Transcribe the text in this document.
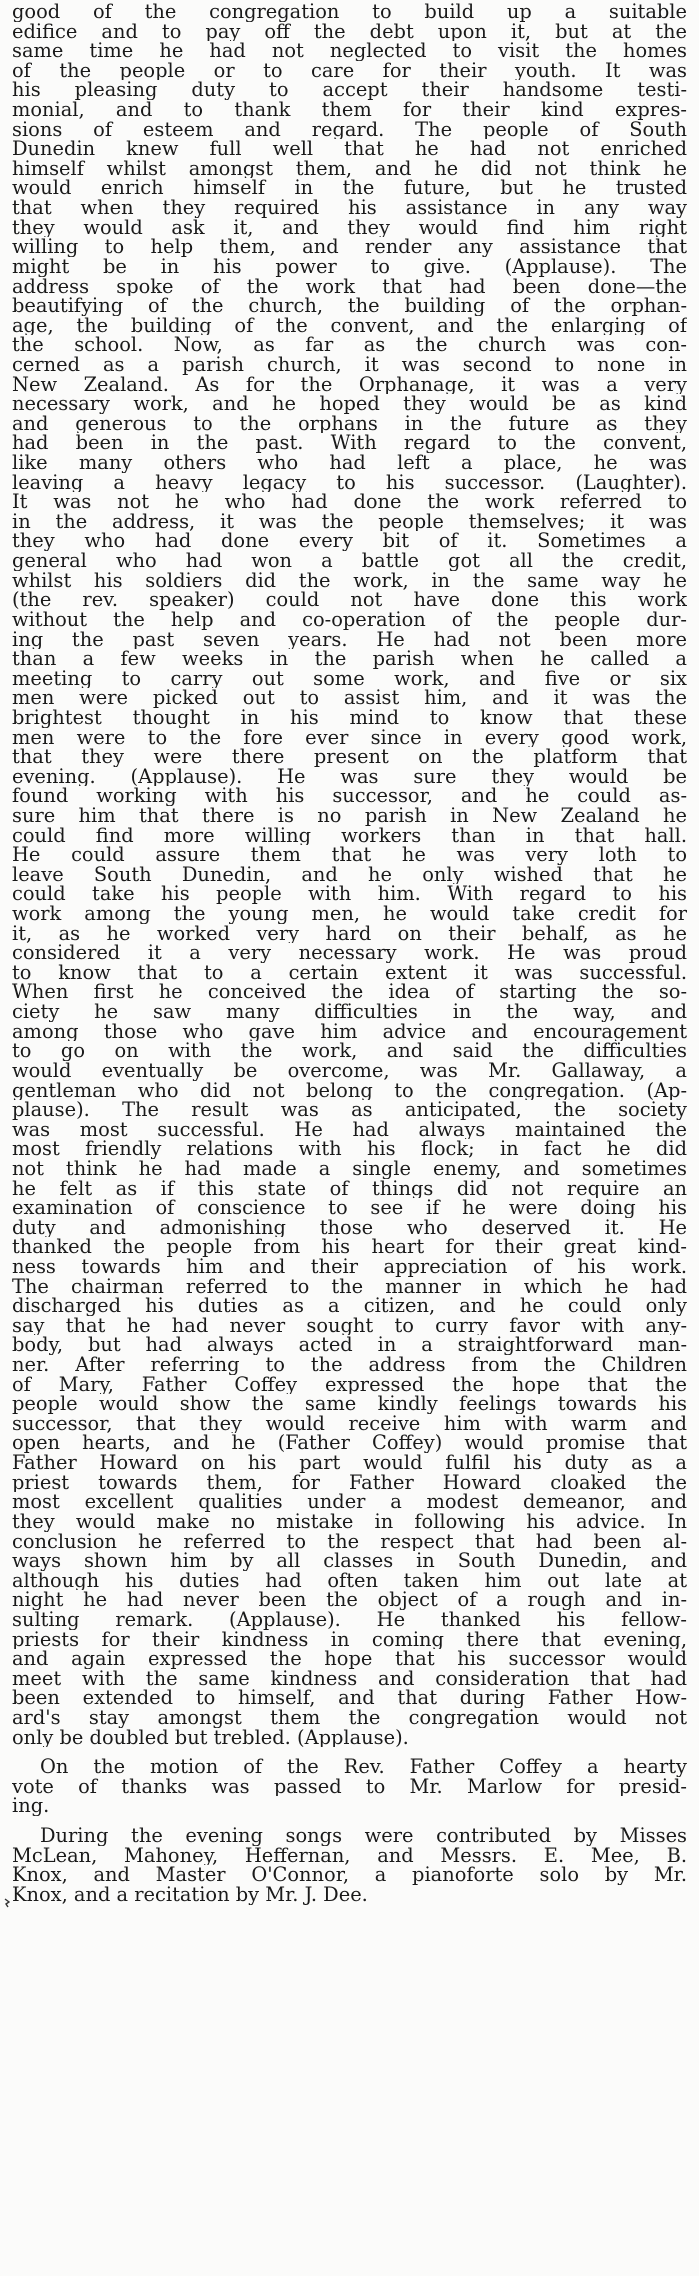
good of the congregation to build up a suitable
edifice and to pay off the debt upon it, but at the
same time he had not neglected to visit the homes
of the people or to care for their youth. It was
his pleasing duty to accept their handsome testi-
monial, and to thank them for their kind expres-
sions of esteem and regard. The people of South
Dunedin knew full well that he had not enriched
himself whilst amongst them, and he did not think he
would enrich himself in the future, but he trusted
that when they required his assistance in any way
they would ask it, and they would find him right
willing to help them, and render any assistance that
might be in his power to give. (Applause). The
address spoke of the work that had been done—the
beautifying of the church, the building of the orphan-
age, the building of the convent, and the enlarging of
the school. Now, as far as the church was con-
cerned as a parish church, it was second to none in
New Zealand. As for the Orphanage, it was a very
necessary work, and he hoped they would be as kind
and generous to the orphans in the future as they
had been in the past. With regard to the convent,
like many others who had left a place, he was
leaving a heavy legacy to his successor. (Laughter).
It was not he who had done the work referred to
in the address, it was the people themselves; it was
they who had done every bit of it. Sometimes a
general who had won a battle got all the credit,
whilst his soldiers did the work, in the same way he
(the rev. speaker) could not have done this work
without the help and co-operation of the people dur-
ing the past seven years. He had not been more
than a few weeks in the parish when he called a
meeting to carry out some work, and five or six
men were picked out to assist him, and it was the
brightest thought in his mind to know that these
men were to the fore ever since in every good work,
that they were there present on the platform that
evening. (Applause). He was sure they would be
found working with his successor, and he could as-
sure him that there is no parish in New Zealand he
could find more willing workers than in that hall.
He could assure them that he was very loth to
leave South Dunedin, and he only wished that he
could take his people with him. With regard to his
work among the young men, he would take credit for
it, as he worked very hard on their behalf, as he
considered it a very necessary work. He was proud
to know that to a certain extent it was successful.
When first he conceived the idea of starting the so-
ciety he saw many difficulties in the way, and
among those who gave him advice and encouragement
to go on with the work, and said the difficulties
would eventually be overcome, was Mr. Gallaway, a
gentleman who did not belong to the congregation. (Ap-
plause). The result was as anticipated, the society
was most successful. He had always maintained the
most friendly relations with his flock; in fact he did
not think he had made a single enemy, and sometimes
he felt as if this state of things did not require an
examination of conscience to see if he were doing his
duty and admonishing those who deserved it. He
thanked the people from his heart for their great kind-
ness towards him and their appreciation of his work.
The chairman referred to the manner in which he had
discharged his duties as a citizen, and he could only
say that he had never sought to curry favor with any-
body, but had always acted in a straightforward man-
ner. After referring to the address from the Children
of Mary, Father Coffey expressed the hope that the
people would show the same kindly feelings towards his
successor, that they would receive him with warm and
open hearts, and he (Father Coffey) would promise that
Father Howard on his part would fulfil his duty as a
priest towards them, for Father Howard cloaked the
most excellent qualities under a modest demeanor, and
they would make no mistake in following his advice. In
conclusion he referred to the respect that had been al-
ways shown him by all classes in South Dunedin, and
although his duties had often taken him out late at
night he had never been the object of a rough and in-
sulting remark. (Applause). He thanked his fellow-
priests for their kindness in coming there that evening,
and again expressed the hope that his successor would
meet with the same kindness and consideration that had
been extended to himself, and that during Father How-
ard's stay amongst them the congregation would not
only be doubled but trebled. (Applause).
On the motion of the Rev. Father Coffey a hearty
vote of thanks was passed to Mr. Marlow for presid-
ing.
During the evening songs were contributed by Misses
McLean, Mahoney, Heffernan, and Messrs. E. Mee, B.
Knox, and Master O'Connor, a pianoforte solo by Mr.
Knox, and a recitation by Mr. J. Dee.
